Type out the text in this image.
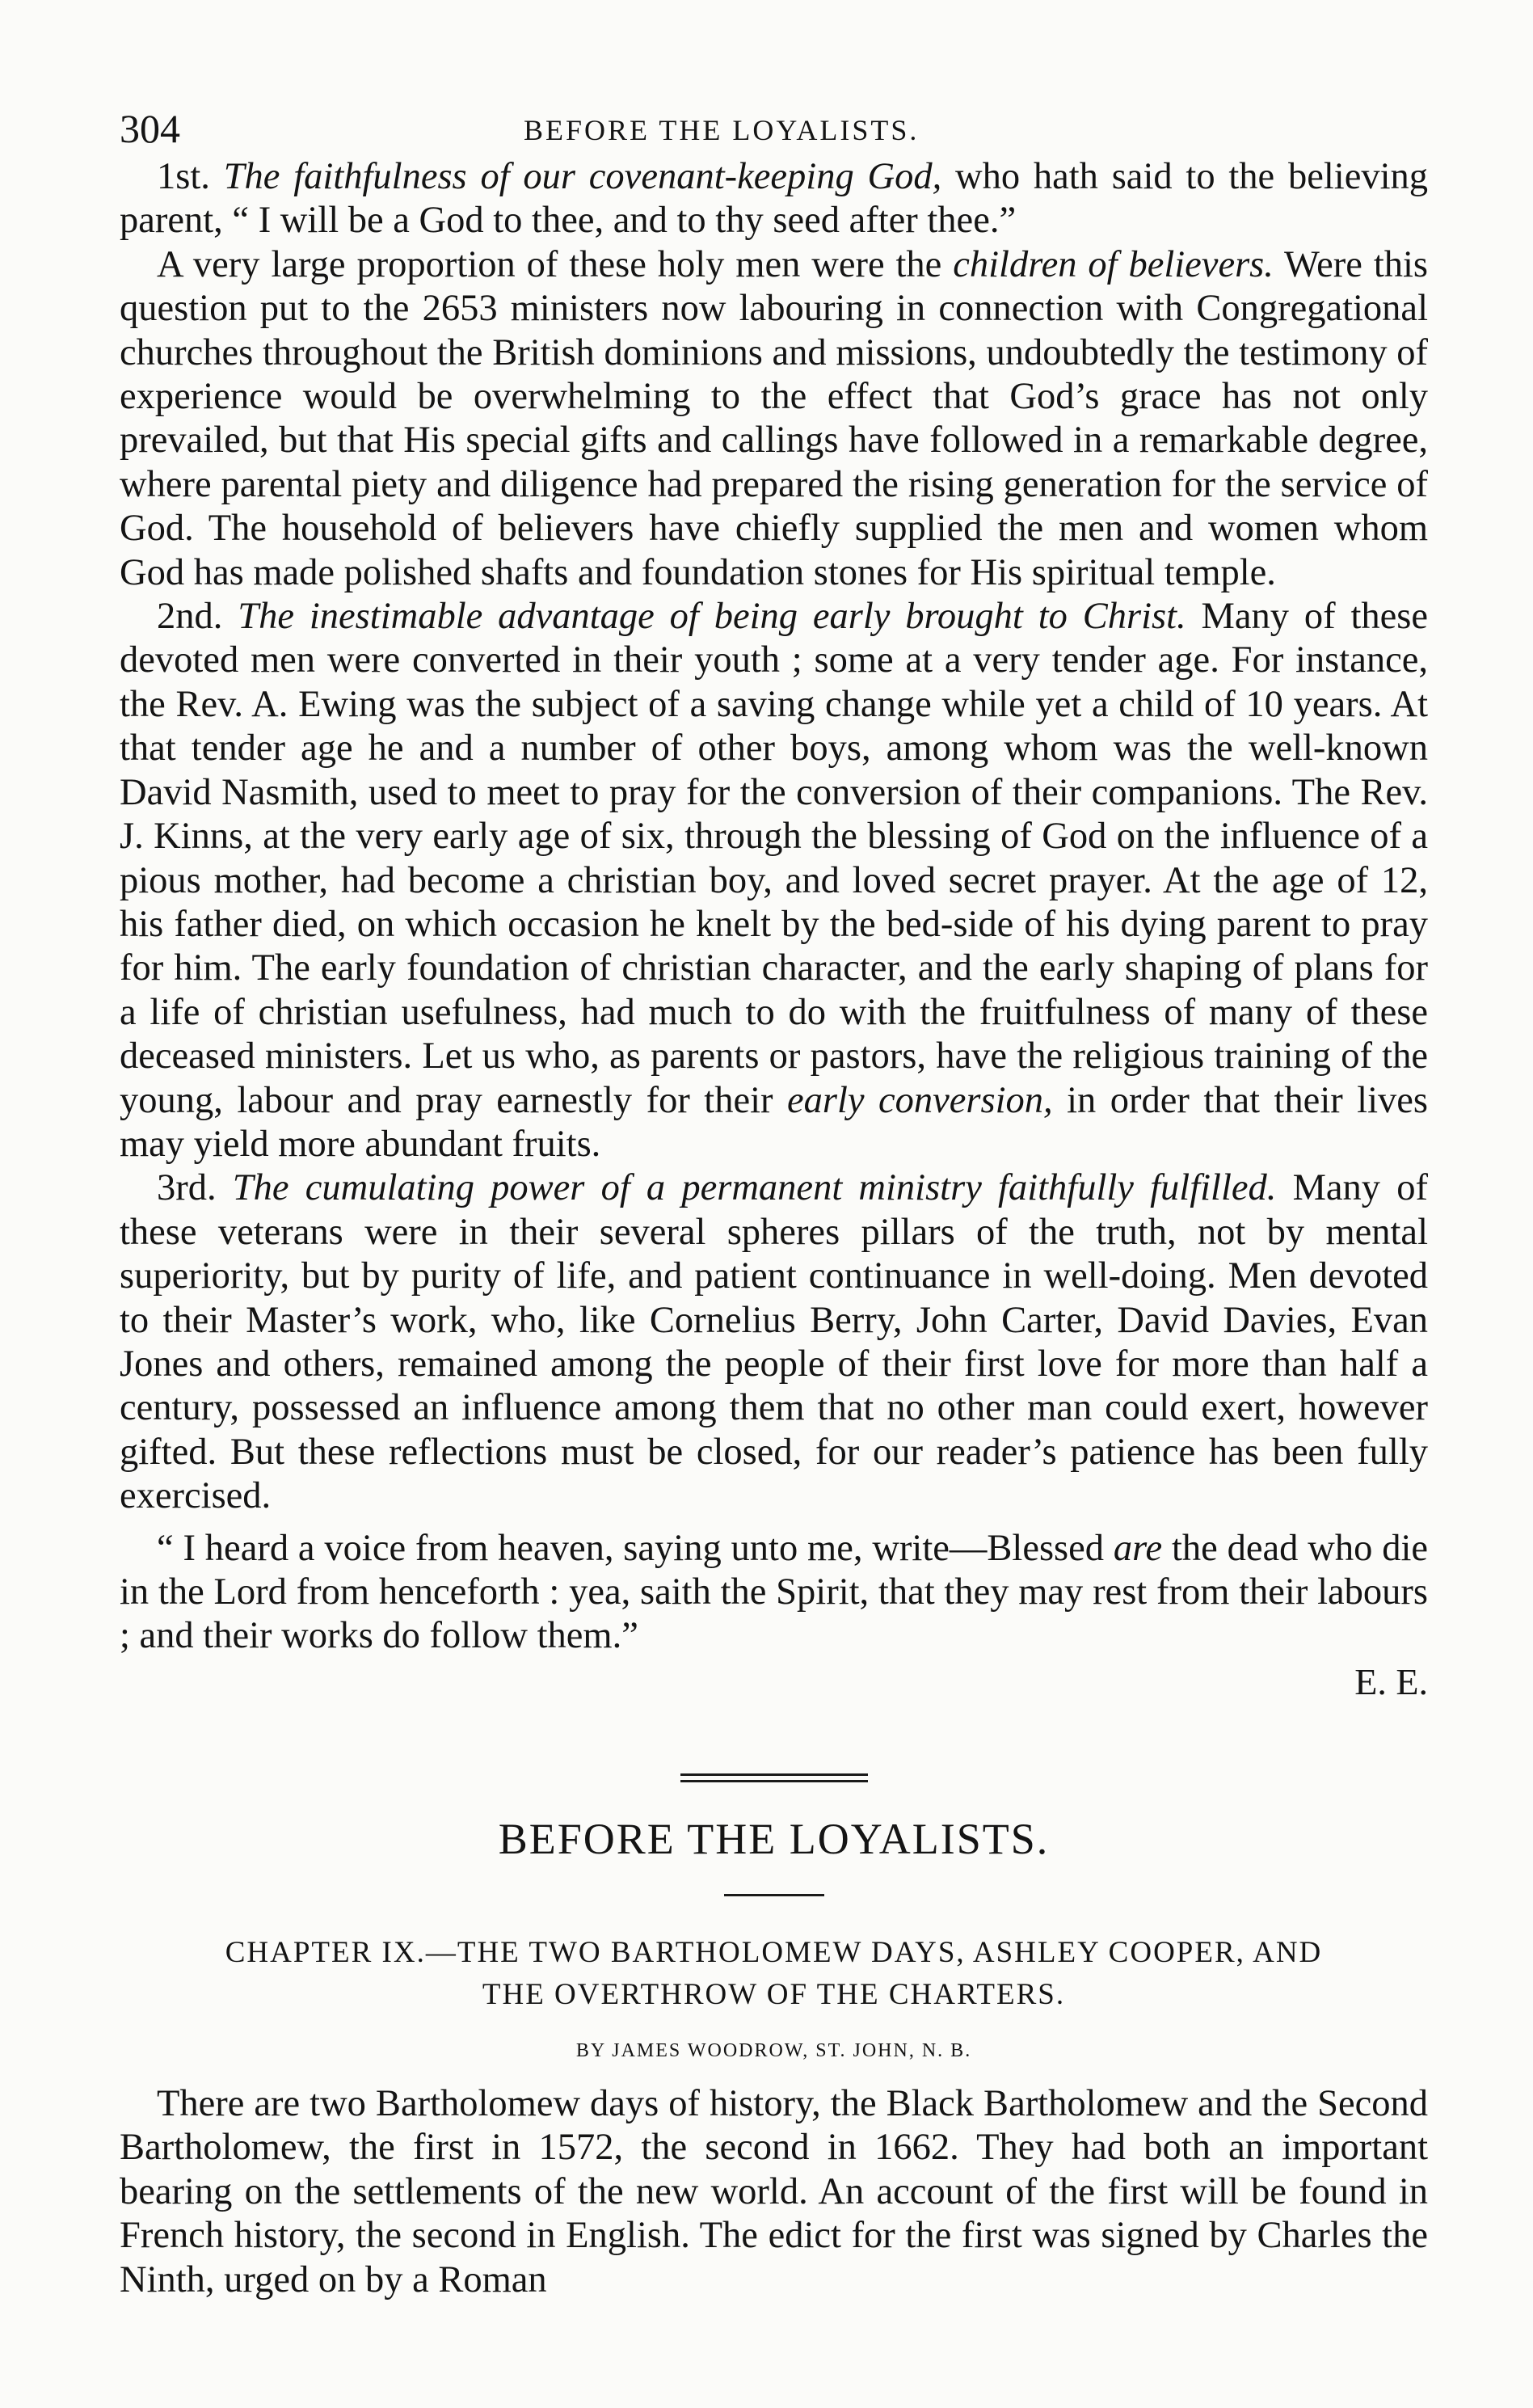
304	BEFORE THE LOYALISTS.

1st. The faithfulness of our covenant-keeping God, who hath said to the believing parent, “ I will be a God to thee, and to thy seed after thee.”

A very large proportion of these holy men were the children of believers. Were this question put to the 2653 ministers now labouring in connection with Congregational churches throughout the British dominions and missions, undoubtedly the testimony of experience would be overwhelming to the effect that God’s grace has not only prevailed, but that His special gifts and callings have followed in a remarkable degree, where parental piety and diligence had prepared the rising generation for the service of God. The household of believers have chiefly supplied the men and women whom God has made polished shafts and foundation stones for His spiritual temple.

2nd. The inestimable advantage of being early brought to Christ. Many of these devoted men were converted in their youth ; some at a very tender age. For instance, the Rev. A. Ewing was the subject of a saving change while yet a child of 10 years. At that tender age he and a number of other boys, among whom was the well-known David Nasmith, used to meet to pray for the conversion of their companions. The Rev. J. Kinns, at the very early age of six, through the blessing of God on the influence of a pious mother, had become a christian boy, and loved secret prayer. At the age of 12, his father died, on which occasion he knelt by the bed-side of his dying parent to pray for him. The early foundation of christian character, and the early shaping of plans for a life of christian usefulness, had much to do with the fruitfulness of many of these deceased ministers. Let us who, as parents or pastors, have the religious training of the young, labour and pray earnestly for their early conversion, in order that their lives may yield more abundant fruits.

3rd. The cumulating power of a permanent ministry faithfully fulfilled. Many of these veterans were in their several spheres pillars of the truth, not by mental superiority, but by purity of life, and patient continuance in well-doing. Men devoted to their Master’s work, who, like Cornelius Berry, John Carter, David Davies, Evan Jones and others, remained among the people of their first love for more than half a century, possessed an influence among them that no other man could exert, however gifted. But these reflections must be closed, for our reader’s patience has been fully exercised.

“ I heard a voice from heaven, saying unto me, write—Blessed are the dead who die in the Lord from henceforth : yea, saith the Spirit, that they may rest from their labours ; and their works do follow them.”

E. E.
BEFORE THE LOYALISTS.
CHAPTER IX.—THE TWO BARTHOLOMEW DAYS, ASHLEY COOPER, AND
THE OVERTHROW OF THE CHARTERS.
BY JAMES WOODROW, ST. JOHN, N. B.

There are two Bartholomew days of history, the Black Bartholomew and the Second Bartholomew, the first in 1572, the second in 1662. They had both an important bearing on the settlements of the new world. An account of the first will be found in French history, the second in English. The edict for the first was signed by Charles the Ninth, urged on by a Roman
